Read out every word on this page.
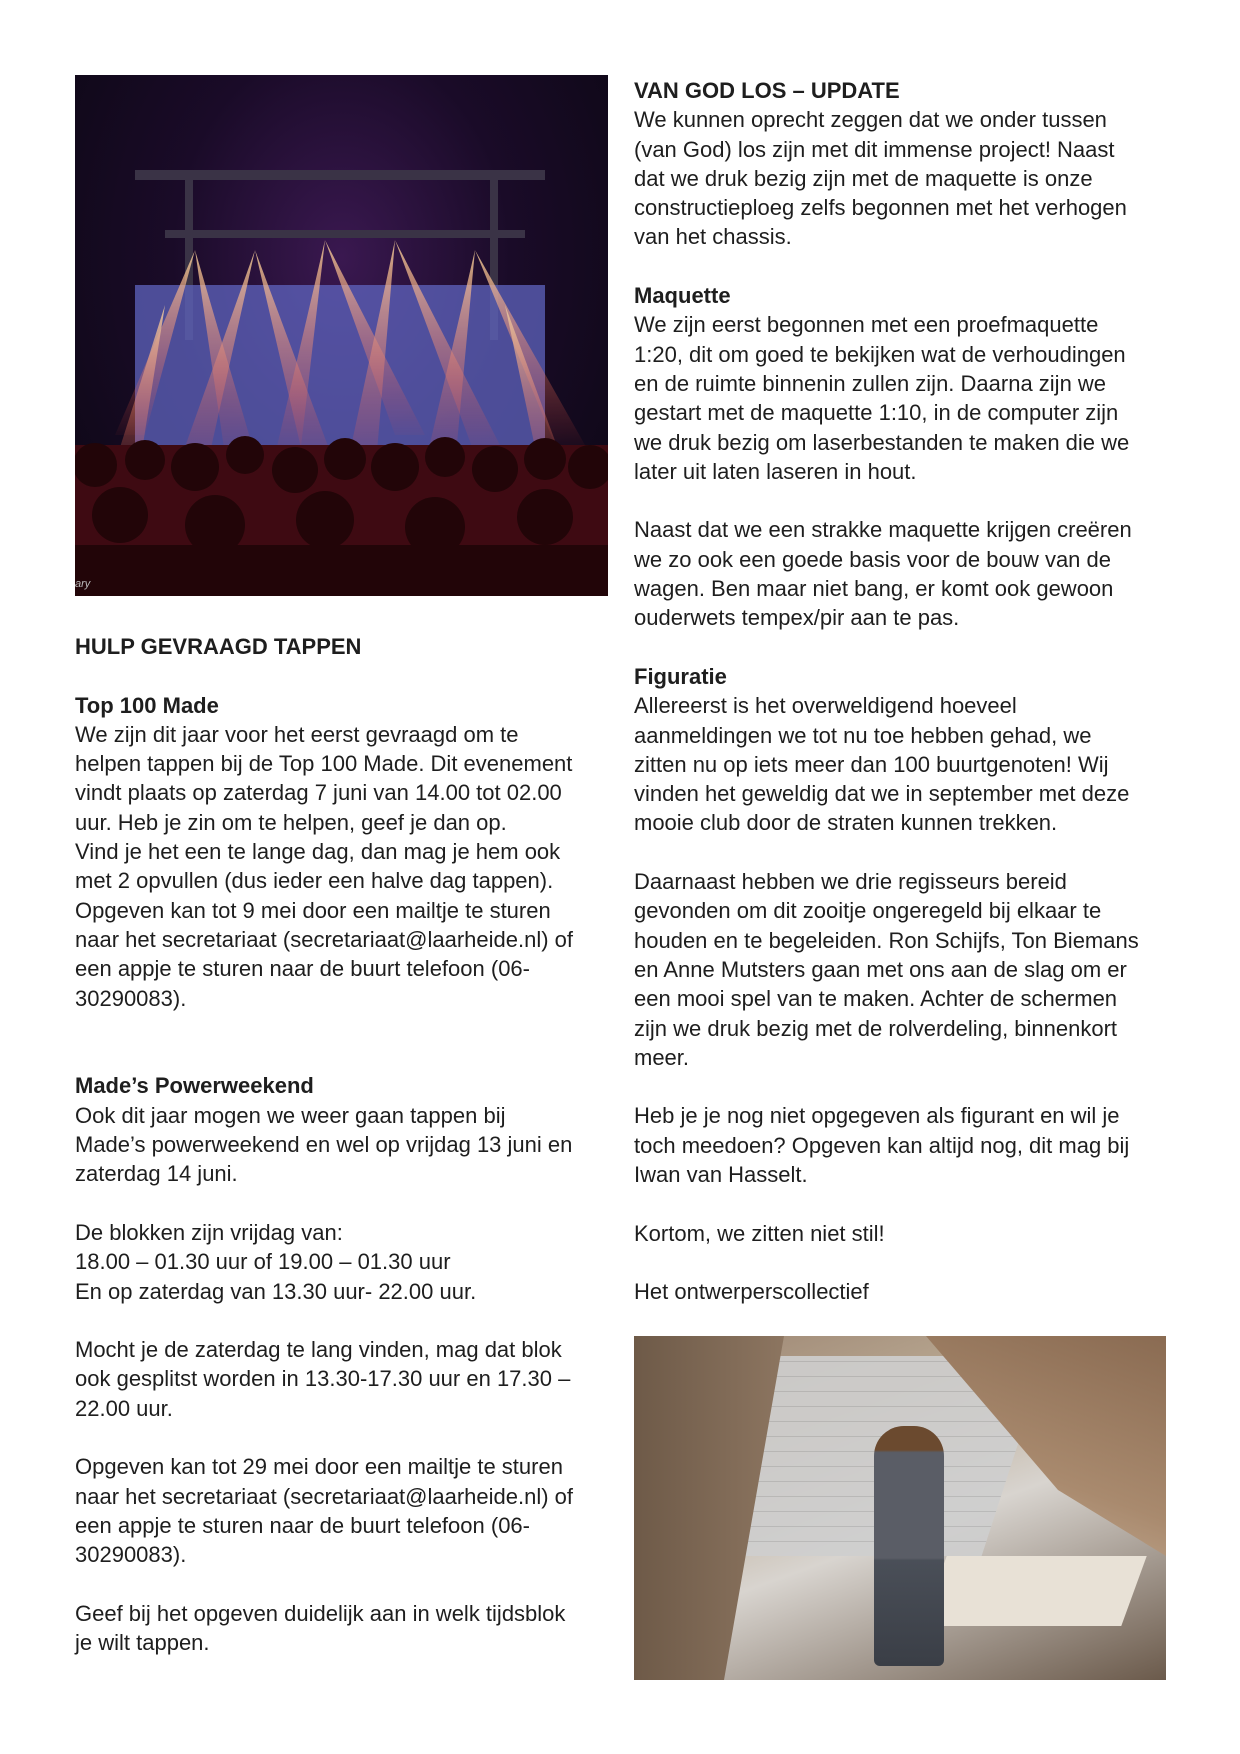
ary
HULP GEVRAAGD TAPPEN
Top 100 Made

We zijn dit jaar voor het eerst gevraagd om te
helpen tappen bij de Top 100 Made. Dit evenement
vindt plaats op zaterdag 7 juni van 14.00 tot 02.00
uur. Heb je zin om te helpen, geef je dan op.
Vind je het een te lange dag, dan mag je hem ook
met 2 opvullen (dus ieder een halve dag tappen).
Opgeven kan tot 9 mei door een mailtje te sturen
naar het secretariaat (secretariaat@laarheide.nl) of
een appje te sturen naar de buurt telefoon (06-
30290083).

Made’s Powerweekend

Ook dit jaar mogen we weer gaan tappen bij
Made’s powerweekend en wel op vrijdag 13 juni en
zaterdag 14 juni.

De blokken zijn vrijdag van:
18.00 – 01.30 uur of 19.00 – 01.30 uur
En op zaterdag van 13.30 uur- 22.00 uur.

Mocht je de zaterdag te lang vinden, mag dat blok
ook gesplitst worden in 13.30-17.30 uur en 17.30 –
22.00 uur.

Opgeven kan tot 29 mei door een mailtje te sturen
naar het secretariaat (secretariaat@laarheide.nl) of
een appje te sturen naar de buurt telefoon (06-
30290083).

Geef bij het opgeven duidelijk aan in welk tijdsblok
je wilt tappen.

VAN GOD LOS – UPDATE

We kunnen oprecht zeggen dat we onder tussen
(van God) los zijn met dit immense project! Naast
dat we druk bezig zijn met de maquette is onze
constructieploeg zelfs begonnen met het verhogen
van het chassis.

Maquette

We zijn eerst begonnen met een proefmaquette
1:20, dit om goed te bekijken wat de verhoudingen
en de ruimte binnenin zullen zijn. Daarna zijn we
gestart met de maquette 1:10, in de computer zijn
we druk bezig om laserbestanden te maken die we
later uit laten laseren in hout.

Naast dat we een strakke maquette krijgen creëren
we zo ook een goede basis voor de bouw van de
wagen. Ben maar niet bang, er komt ook gewoon
ouderwets tempex/pir aan te pas.

Figuratie

Allereerst is het overweldigend hoeveel
aanmeldingen we tot nu toe hebben gehad, we
zitten nu op iets meer dan 100 buurtgenoten! Wij
vinden het geweldig dat we in september met deze
mooie club door de straten kunnen trekken.

Daarnaast hebben we drie regisseurs bereid
gevonden om dit zooitje ongeregeld bij elkaar te
houden en te begeleiden. Ron Schijfs, Ton Biemans
en Anne Mutsters gaan met ons aan de slag om er
een mooi spel van te maken. Achter de schermen
zijn we druk bezig met de rolverdeling, binnenkort
meer.

Heb je je nog niet opgegeven als figurant en wil je
toch meedoen? Opgeven kan altijd nog, dit mag bij
Iwan van Hasselt.

Kortom, we zitten niet stil!

Het ontwerperscollectief
